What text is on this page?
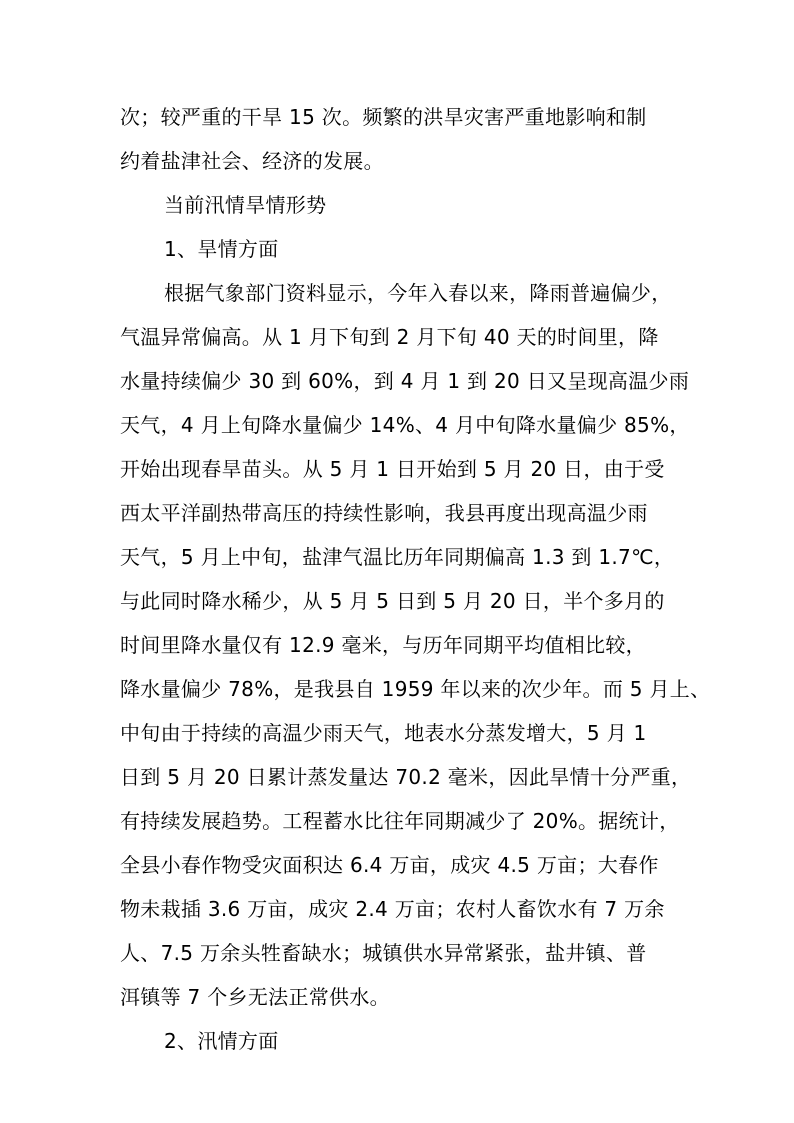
次；较严重的干旱 15 次。频繁的洪旱灾害严重地影响和制
约着盐津社会、经济的发展。
当前汛情旱情形势
1、旱情方面
根据气象部门资料显示，今年入春以来，降雨普遍偏少，
气温异常偏高。从 1 月下旬到 2 月下旬 40 天的时间里，降
水量持续偏少 30 到 60%，到 4 月 1 到 20 日又呈现高温少雨
天气，4 月上旬降水量偏少 14%、4 月中旬降水量偏少 85%，
开始出现春旱苗头。从 5 月 1 日开始到 5 月 20 日，由于受
西太平洋副热带高压的持续性影响，我县再度出现高温少雨
天气，5 月上中旬，盐津气温比历年同期偏高 1.3 到 1.7℃，
与此同时降水稀少，从 5 月 5 日到 5 月 20 日，半个多月的
时间里降水量仅有 12.9 毫米，与历年同期平均值相比较，
降水量偏少 78%，是我县自 1959 年以来的次少年。而 5 月上、
中旬由于持续的高温少雨天气，地表水分蒸发增大，5 月 1
日到 5 月 20 日累计蒸发量达 70.2 毫米，因此旱情十分严重，
有持续发展趋势。工程蓄水比往年同期减少了 20%。据统计，
全县小春作物受灾面积达 6.4 万亩，成灾 4.5 万亩；大春作
物未栽插 3.6 万亩，成灾 2.4 万亩；农村人畜饮水有 7 万余
人、7.5 万余头牲畜缺水；城镇供水异常紧张，盐井镇、普
洱镇等 7 个乡无法正常供水。
2、汛情方面
